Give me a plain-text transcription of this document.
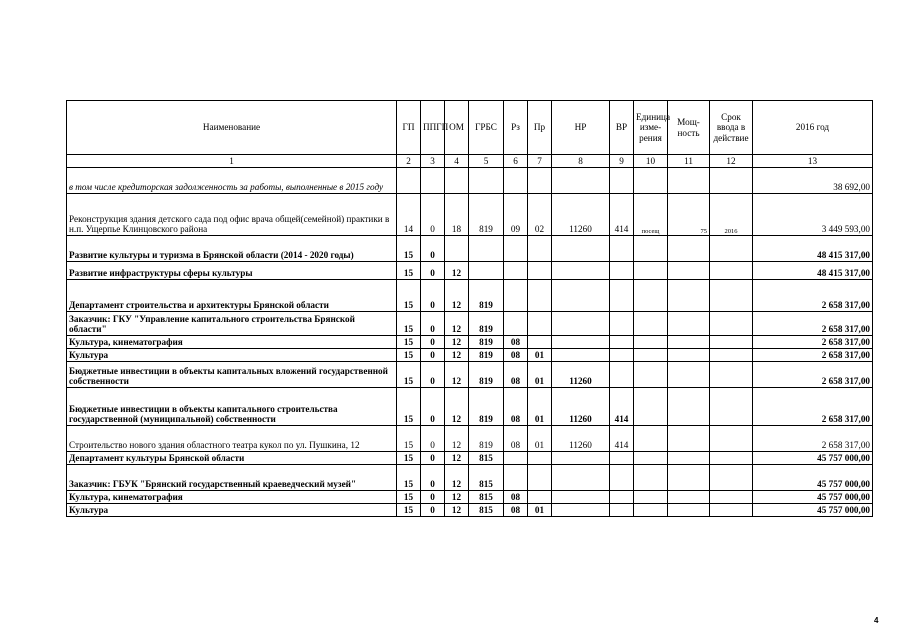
Наименование	ГП	ППГП	ОМ	ГРБС	Рз	Пр	НР	ВР	Единица изме-рения	Мощ-ность	Срок ввода в действие	2016 год
1	2	3	4	5	6	7	8	9	10	11	12	13
в том числе кредиторская задолженность за работы, выполненные в 2015 году												38 692,00
Реконструкция здания детского сада под офис врача общей(семейной) практики в н.п. Ущерпье Клинцовского района	14	0	18	819	09	02	11260	414	посещ	75	2016	3 449 593,00
Развитие культуры и туризма в Брянской области (2014 - 2020 годы)	15	0										48 415 317,00
Развитие инфраструктуры сферы культуры	15	0	12									48 415 317,00
Департамент строительства и архитектуры Брянской области	15	0	12	819								2 658 317,00
Заказчик: ГКУ "Управление капитального строительства Брянской области"	15	0	12	819								2 658 317,00
Культура, кинематография	15	0	12	819	08							2 658 317,00
Культура	15	0	12	819	08	01						2 658 317,00
Бюджетные инвестиции в объекты капитальных вложений государственной собственности	15	0	12	819	08	01	11260					2 658 317,00
Бюджетные инвестиции в объекты капитального строительства государственной (муниципальной) собственности	15	0	12	819	08	01	11260	414				2 658 317,00
Строительство нового здания областного театра кукол по ул. Пушкина, 12	15	0	12	819	08	01	11260	414				2 658 317,00
Департамент культуры Брянской области	15	0	12	815								45 757 000,00
Заказчик: ГБУК "Брянский государственный краеведческий музей"	15	0	12	815								45 757 000,00
Культура, кинематография	15	0	12	815	08							45 757 000,00
Культура	15	0	12	815	08	01						45 757 000,00
4
